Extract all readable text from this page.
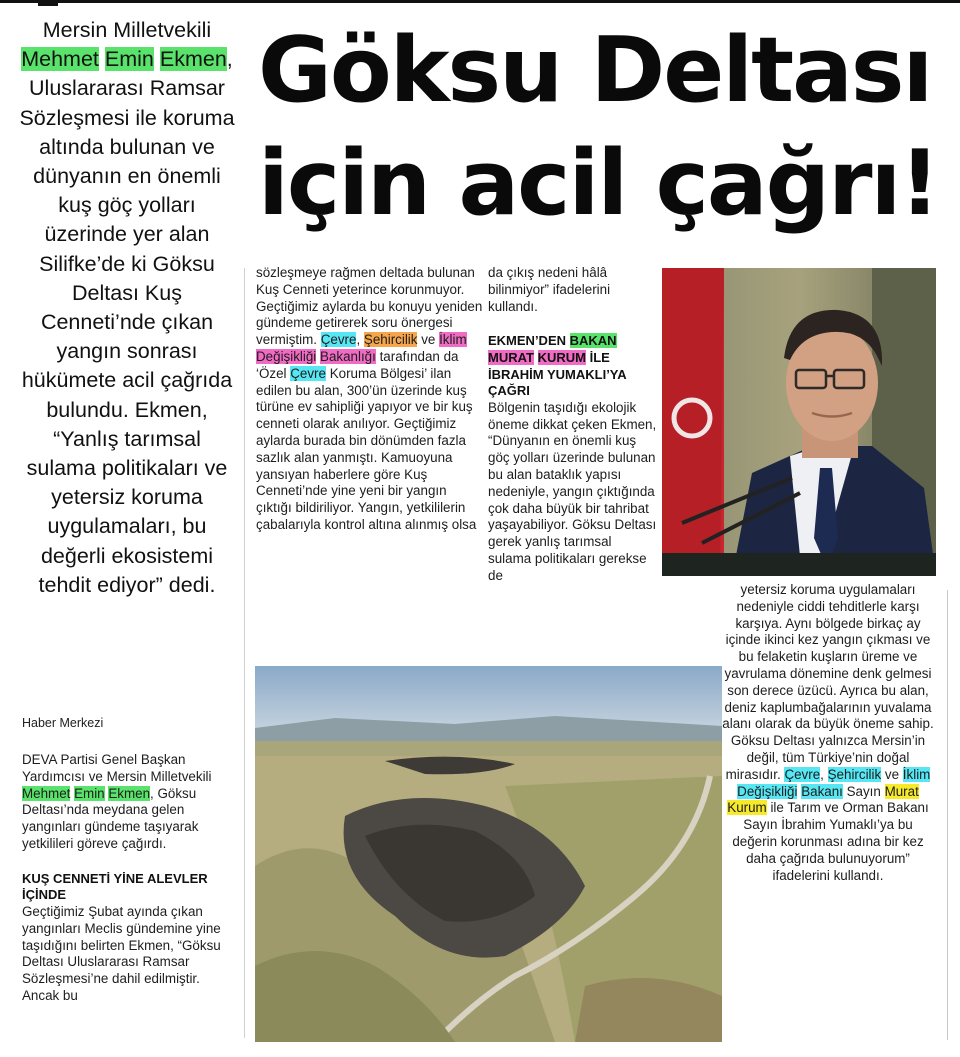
Mersin Milletvekili Mehmet Emin Ekmen, Uluslararası Ramsar Sözleşmesi ile koruma altında bulunan ve dünyanın en önemli kuş göç yolları üzerinde yer alan Silifke’de ki Göksu Deltası Kuş Cenneti’nde çıkan yangın sonrası hükümete acil çağrıda bulundu. Ekmen, “Yanlış tarımsal sulama politikaları ve yetersiz koruma uygulamaları, bu değerli ekosistemi tehdit ediyor” dedi.
Haber Merkezi
Göksu Deltası
için acil çağrı!

DEVA Partisi Genel Başkan Yardımcısı ve Mersin Milletvekili Mehmet Emin Ekmen, Göksu Deltası’nda meydana gelen yangınları gündeme taşıyarak yetkilileri göreve çağırdı.

KUŞ CENNETİ YİNE ALEVLER İÇİNDE

Geçtiğimiz Şubat ayında çıkan yangınları Meclis gündemine yine taşıdığını belirten Ekmen, “Göksu Deltası Uluslararası Ramsar Sözleşmesi’ne dahil edilmiştir. Ancak bu

sözleşmeye rağmen deltada bulunan Kuş Cenneti yeterince korunmuyor. Geçtiğimiz aylarda bu konuyu yeniden gündeme getirerek soru önergesi vermiştim. Çevre, Şehircilik ve İklim Değişikliği Bakanlığı tarafından da ‘Özel Çevre Koruma Bölgesi’ ilan edilen bu alan, 300’ün üzerinde kuş türüne ev sahipliği yapıyor ve bir kuş cenneti olarak anılıyor. Geçtiğimiz aylarda burada bin dönümden fazla sazlık alan yanmıştı. Kamuoyuna yansıyan haberlere göre Kuş Cenneti’nde yine yeni bir yangın çıktığı bildiriliyor. Yangın, yetkililerin çabalarıyla kontrol altına alınmış olsa

da çıkış nedeni hâlâ bilinmiyor” ifadelerini kullandı.

EKMEN’DEN BAKAN MURAT KURUM İLE İBRAHİM YUMAKLI’YA ÇAĞRI

Bölgenin taşıdığı ekolojik öneme dikkat çeken Ekmen, “Dünyanın en önemli kuş göç yolları üzerinde bulunan bu alan bataklık yapısı nedeniyle, yangın çıktığında çok daha büyük bir tahribat yaşayabiliyor. Göksu Deltası gerek yanlış tarımsal sulama politikaları gerekse de

yetersiz koruma uygulamaları nedeniyle ciddi tehditlerle karşı karşıya. Aynı bölgede birkaç ay içinde ikinci kez yangın çıkması ve bu felaketin kuşların üreme ve yavrulama dönemine denk gelmesi son derece üzücü. Ayrıca bu alan, deniz kaplumbağalarının yuvalama alanı olarak da büyük öneme sahip. Göksu Deltası yalnızca Mersin’in değil, tüm Türkiye’nin doğal mirasıdır. Çevre, Şehircilik ve İklim Değişikliği Bakanı Sayın Murat Kurum ile Tarım ve Orman Bakanı Sayın İbrahim Yumaklı’ya bu değerin korunması adına bir kez daha çağrıda bulunuyorum” ifadelerini kullandı.
